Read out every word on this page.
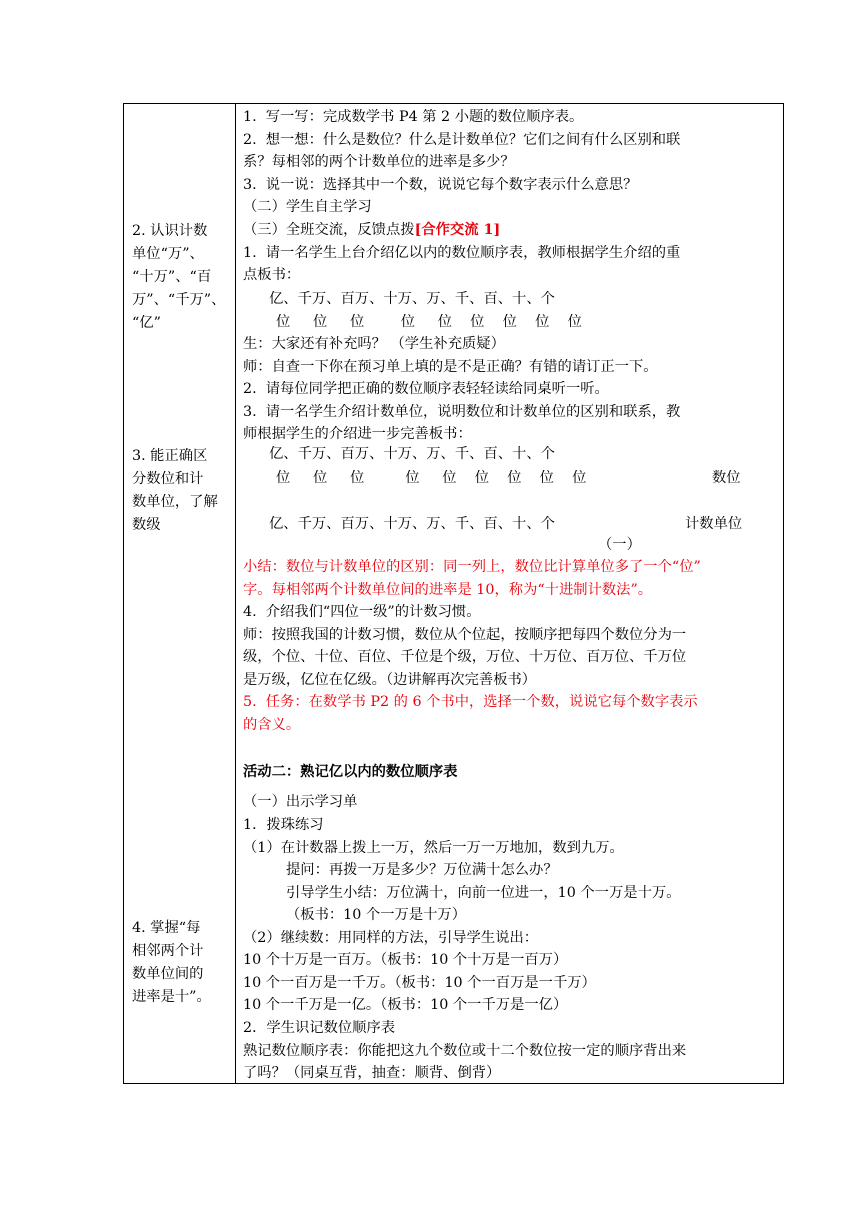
2. 认识计数
单位“万”、
“十万”、“百
万”、“千万”、
“亿”
3. 能正确区
分数位和计
数单位，了解
数级
4. 掌握“每
相邻两个计
数单位间的
进率是十”。
1.  写一写：完成数学书 P4 第 2 小题的数位顺序表。
2.  想一想：什么是数位？什么是计数单位？它们之间有什么区别和联
系？每相邻的两个计数单位的进率是多少？
3.  说一说：选择其中一个数，说说它每个数字表示什么意思？
（二）学生自主学习
（三）全班交流，反馈点拨[合作交流 1]
1.  请一名学生上台介绍亿以内的数位顺序表，教师根据学生介绍的重
点板书：
亿、千万、百万、十万、万、千、百、十、个
位     位     位        位     位    位    位    位    位
生：大家还有补充吗？ （学生补充质疑）
师：自查一下你在预习单上填的是不是正确？有错的请订正一下。
2.  请每位同学把正确的数位顺序表轻轻读给同桌听一听。
3.  请一名学生介绍计数单位，说明数位和计数单位的区别和联系，教
师根据学生的介绍进一步完善板书：
亿、千万、百万、十万、万、千、百、十、个
位     位     位         位     位    位    位    位    位	数位
亿、千万、百万、十万、万、千、百、十、个	计数单位
（一）
小结：数位与计数单位的区别：同一列上，数位比计算单位多了一个“位”
字。每相邻两个计数单位间的进率是 10，称为“十进制计数法”。
4.  介绍我们“四位一级”的计数习惯。
师：按照我国的计数习惯，数位从个位起，按顺序把每四个数位分为一
级，个位、十位、百位、千位是个级，万位、十万位、百万位、千万位
是万级，亿位在亿级。（边讲解再次完善板书）
5.  任务：在数学书 P2 的 6 个书中，选择一个数，说说它每个数字表示
的含义。
活动二：熟记亿以内的数位顺序表
（一）出示学习单
1．拨珠练习
（1）在计数器上拨上一万，然后一万一万地加，数到九万。
提问：再拨一万是多少？万位满十怎么办？
引导学生小结：万位满十，向前一位进一，10 个一万是十万。
（板书：10 个一万是十万）
（2）继续数：用同样的方法，引导学生说出：
10 个十万是一百万。（板书：10 个十万是一百万）
10 个一百万是一千万。（板书：10 个一百万是一千万）
10 个一千万是一亿。（板书：10 个一千万是一亿）
2．学生识记数位顺序表
熟记数位顺序表：你能把这九个数位或十二个数位按一定的顺序背出来
了吗？（同桌互背，抽查：顺背、倒背）
